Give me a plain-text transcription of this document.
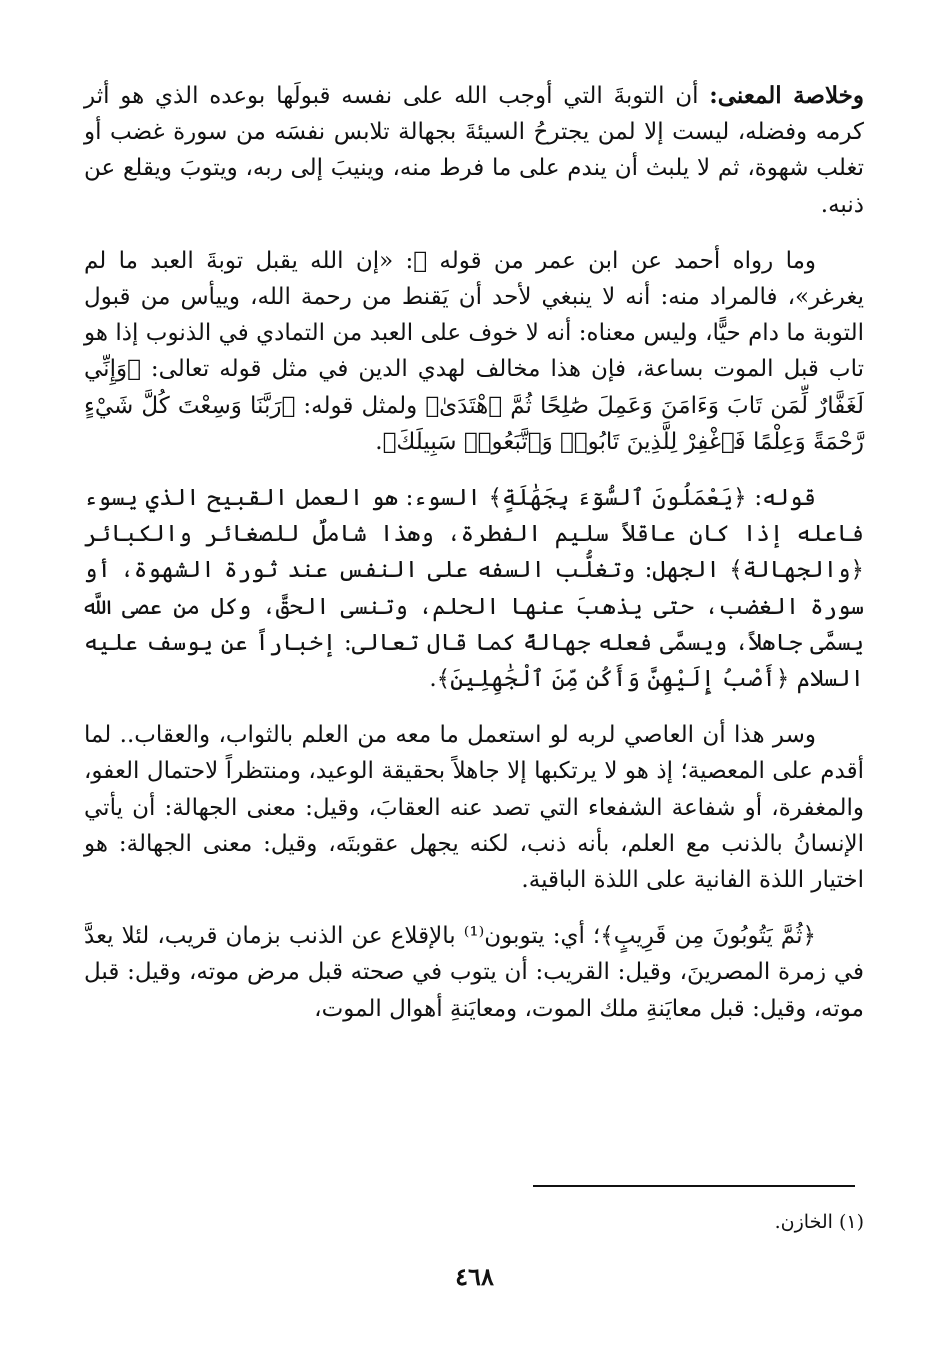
وخلاصة المعنى: أن التوبةَ التي أوجب الله على نفسه قبولَها بوعده الذي هو أثر كرمه وفضله، ليست إلا لمن يجترحُ السيئةَ بجهالة تلابس نفسَه من سورة غضب أو تغلب شهوة، ثم لا يلبث أن يندم على ما فرط منه، وينيبَ إلى ربه، ويتوبَ ويقلع عن ذنبه.

وما رواه أحمد عن ابن عمر من قوله ﷺ: «إن الله يقبل توبةَ العبد ما لم يغرغر»، فالمراد منه: أنه لا ينبغي لأحد أن يَقنط من رحمة الله، وييأس من قبول التوبة ما دام حيًّا، وليس معناه: أنه لا خوف على العبد من التمادي في الذنوب إذا هو تاب قبل الموت بساعة، فإن هذا مخالف لهدي الدين في مثل قوله تعالى: ﴿وَإِنِّي لَغَفَّارٌ لِّمَن تَابَ وَءَامَنَ وَعَمِلَ صَٰلِحًا ثُمَّ ٱهْتَدَىٰ﴾ ولمثل قوله: ﴿رَبَّنَا وَسِعْتَ كُلَّ شَيْءٍ رَّحْمَةً وَعِلْمًا فَٱغْفِرْ لِلَّذِينَ تَابُوا۟ وَٱتَّبَعُوا۟ سَبِيلَكَ﴾.

قوله: ﴿يَعْمَلُونَ ٱلسُّوٓءَ بِجَهَٰلَةٍ﴾ السوء: هو العمل القبيح الذي يسوء فاعله إذا كان عاقلاً سليم الفطرة، وهذا شاملٌ للصغائر والكبائر ﴿والجهالة﴾ الجهل: وتغلُّب السفه على النفس عند ثورة الشهوة، أو سورة الغضب، حتى يذهبَ عنها الحلم، وتنسى الحقَّ، وكل من عصى اللَّه يسمَّى جاهلاً، ويسمَّى فعله جهالةً كما قال تعالى: إخباراً عن يوسف عليه السلام ﴿أَصْبُ إِلَيْهِنَّ وَأَكُن مِّنَ ٱلْجَٰهِلِينَ﴾.

وسر هذا أن العاصي لربه لو استعمل ما معه من العلم بالثواب، والعقاب.. لما أقدم على المعصية؛ إذ هو لا يرتكبها إلا جاهلاً بحقيقة الوعيد، ومنتظراً لاحتمال العفو، والمغفرة، أو شفاعة الشفعاء التي تصد عنه العقابَ، وقيل: معنى الجهالة: أن يأتي الإنسانُ بالذنب مع العلم، بأنه ذنب، لكنه يجهل عقوبتَه، وقيل: معنى الجهالة: هو اختيار اللذة الفانية على اللذة الباقية.

﴿ثُمَّ يَتُوبُونَ مِن قَرِيبٍ﴾؛ أي: يتوبون⁽¹⁾ بالإقلاع عن الذنب بزمان قريب، لئلا يعدَّ في زمرة المصرينَ، وقيل: القريب: أن يتوب في صحته قبل مرض موته، وقيل: قبل موته، وقيل: قبل معايَنةِ ملك الموت، ومعايَنةِ أهوال الموت،

(١) الخازن.
٤٦٨
